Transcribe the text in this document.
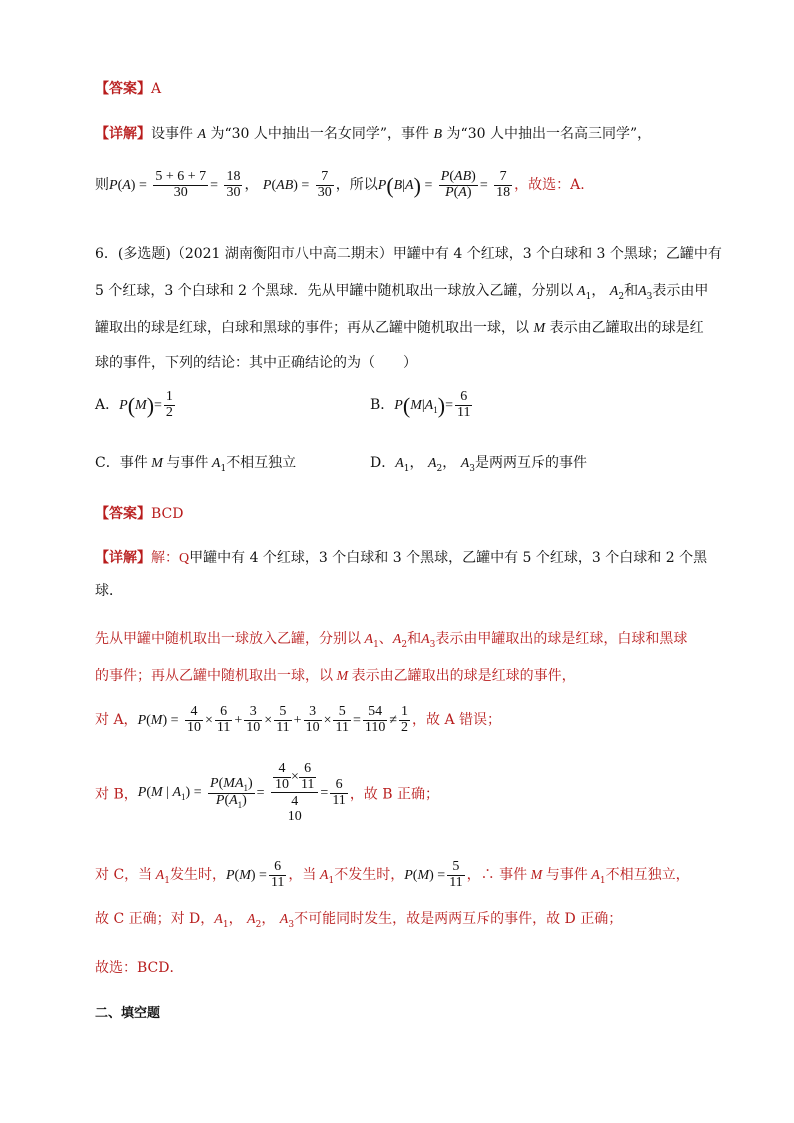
【答案】A
【详解】设事件 A 为“30 人中抽出一名女同学”，事件 B 为“30 人中抽出一名高三同学”，
则$P(A) = \frac{5 + 6 + 7}{30} = \frac{18}{30}$ ， $P(AB) = \frac{7}{30}$ ，所以$P(B|A) = \frac{P(AB)}{P(A)} = \frac{7}{18}$ ，故选：A.
6．(多选题)（2021 湖南衡阳市八中高二期末）甲罐中有 4 个红球，3 个白球和 3 个黑球；乙罐中有
5 个红球，3 个白球和 2 个黑球．先从甲罐中随机取出一球放入乙罐，分别以 $A_1$， $A_2$和$A_3$表示由甲
罐取出的球是红球，白球和黑球的事件；再从乙罐中随机取出一球，以 M 表示由乙罐取出的球是红
球的事件，下列的结论：其中正确结论的为（　　）
A．$P(M)= \frac{1}{2}$	B．$P(M|A_1)= \frac{6}{11}$
C．事件 M 与事件 $A_1$不相互独立	D．$A_1$， $A_2$， $A_3$是两两互斥的事件
【答案】BCD
【详解】解：Q甲罐中有 4 个红球，3 个白球和 3 个黑球，乙罐中有 5 个红球，3 个白球和 2 个黑
球．
先从甲罐中随机取出一球放入乙罐，分别以 $A_1$、$A_2$和$A_3$表示由甲罐取出的球是红球，白球和黑球
的事件；再从乙罐中随机取出一球，以 M 表示由乙罐取出的球是红球的事件，
对 A，$P(M) = \frac{4}{10} \times \frac{6}{11} + \frac{3}{10} \times \frac{5}{11} + \frac{3}{10} \times \frac{5}{11} = \frac{54}{110} \ne \frac{1}{2}$ ，故 A 错误；
对 B，P(M | $A_1) = \frac{P(MA_1)}{P(A_1)}$ =
$\frac{4}{10} \times \frac{6}{11}$
4
10
= $\frac{6}{11}$ ，故 B 正确；
对 C，当 $A_1$发生时，$P(M) = \frac{6}{11}$ ，当 $A_1$不发生时，$P(M) = \frac{5}{11}$ ，∴ 事件 M 与事件 $A_1$不相互独立，
故 C 正确；对 D，$A_1$， $A_2$， $A_3$不可能同时发生，故是两两互斥的事件，故 D 正确；
故选：BCD．
二、填空题
